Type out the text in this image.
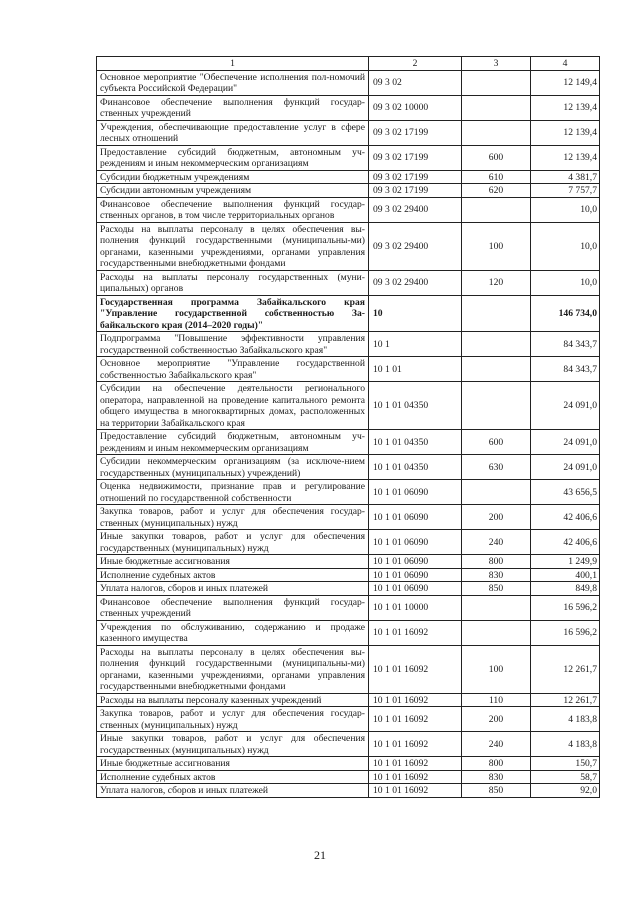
1	2	3	4
Основное мероприятие "Обеспечение исполнения пол-номочий субъекта Российской Федерации"	09 3 02		12 149,4
Финансовое обеспечение выполнения функций государ-ственных учреждений	09 3 02 10000		12 139,4
Учреждения, обеспечивающие предоставление услуг в сфере лесных отношений	09 3 02 17199		12 139,4
Предоставление субсидий бюджетным, автономным уч-реждениям и иным некоммерческим организациям	09 3 02 17199	600	12 139,4
Субсидии бюджетным учреждениям	09 3 02 17199	610	4 381,7
Субсидии автономным учреждениям	09 3 02 17199	620	7 757,7
Финансовое обеспечение выполнения функций государ-ственных органов, в том числе территориальных органов	09 3 02 29400		10,0
Расходы на выплаты персоналу в целях обеспечения вы-полнения функций государственными (муниципальны-ми) органами, казенными учреждениями, органами управления государственными внебюджетными фондами	09 3 02 29400	100	10,0
Расходы на выплаты персоналу государственных (муни-ципальных) органов	09 3 02 29400	120	10,0
Государственная программа Забайкальского края "Управление государственной собственностью За-байкальского края (2014–2020 годы)"	10		146 734,0
Подпрограмма "Повышение эффективности управления государственной собственностью Забайкальского края"	10 1		84 343,7
Основное мероприятие "Управление государственной собственностью Забайкальского края"	10 1 01		84 343,7
Субсидии на обеспечение деятельности регионального оператора, направленной на проведение капитального ремонта общего имущества в многоквартирных домах, расположенных на территории Забайкальского края	10 1 01 04350		24 091,0
Предоставление субсидий бюджетным, автономным уч-реждениям и иным некоммерческим организациям	10 1 01 04350	600	24 091,0
Субсидии некоммерческим организациям (за исключе-нием государственных (муниципальных) учреждений)	10 1 01 04350	630	24 091,0
Оценка недвижимости, признание прав и регулирование отношений по государственной собственности	10 1 01 06090		43 656,5
Закупка товаров, работ и услуг для обеспечения государ-ственных (муниципальных) нужд	10 1 01 06090	200	42 406,6
Иные закупки товаров, работ и услуг для обеспечения государственных (муниципальных) нужд	10 1 01 06090	240	42 406,6
Иные бюджетные ассигнования	10 1 01 06090	800	1 249,9
Исполнение судебных актов	10 1 01 06090	830	400,1
Уплата налогов, сборов и иных платежей	10 1 01 06090	850	849,8
Финансовое обеспечение выполнения функций государ-ственных учреждений	10 1 01 10000		16 596,2
Учреждения по обслуживанию, содержанию и продаже казенного имущества	10 1 01 16092		16 596,2
Расходы на выплаты персоналу в целях обеспечения вы-полнения функций государственными (муниципальны-ми) органами, казенными учреждениями, органами управления государственными внебюджетными фондами	10 1 01 16092	100	12 261,7
Расходы на выплаты персоналу казенных учреждений	10 1 01 16092	110	12 261,7
Закупка товаров, работ и услуг для обеспечения государ-ственных (муниципальных) нужд	10 1 01 16092	200	4 183,8
Иные закупки товаров, работ и услуг для обеспечения государственных (муниципальных) нужд	10 1 01 16092	240	4 183,8
Иные бюджетные ассигнования	10 1 01 16092	800	150,7
Исполнение судебных актов	10 1 01 16092	830	58,7
Уплата налогов, сборов и иных платежей	10 1 01 16092	850	92,0
21
